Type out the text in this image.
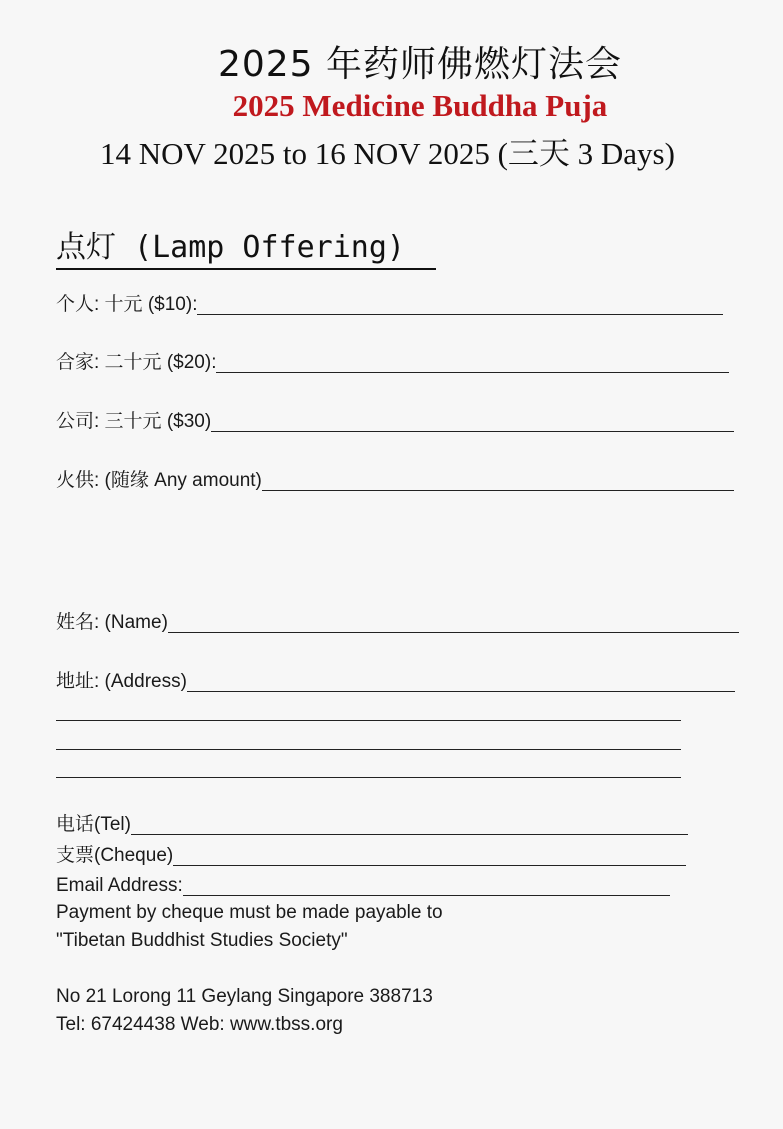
2025 年药师佛燃灯法会
2025 Medicine Buddha Puja
14 NOV 2025 to 16 NOV 2025 (三天 3 Days)
点灯 (Lamp Offering)
个人: 十元 ($10):
合家: 二十元 ($20):
公司: 三十元 ($30)
火供: (随缘 Any amount)
姓名: (Name)
地址: (Address)
电话(Tel)
支票(Cheque)
Email Address:
Payment by cheque must be made payable to
"Tibetan Buddhist Studies Society"
No 21 Lorong 11 Geylang Singapore 388713
Tel: 67424438 Web: www.tbss.org
